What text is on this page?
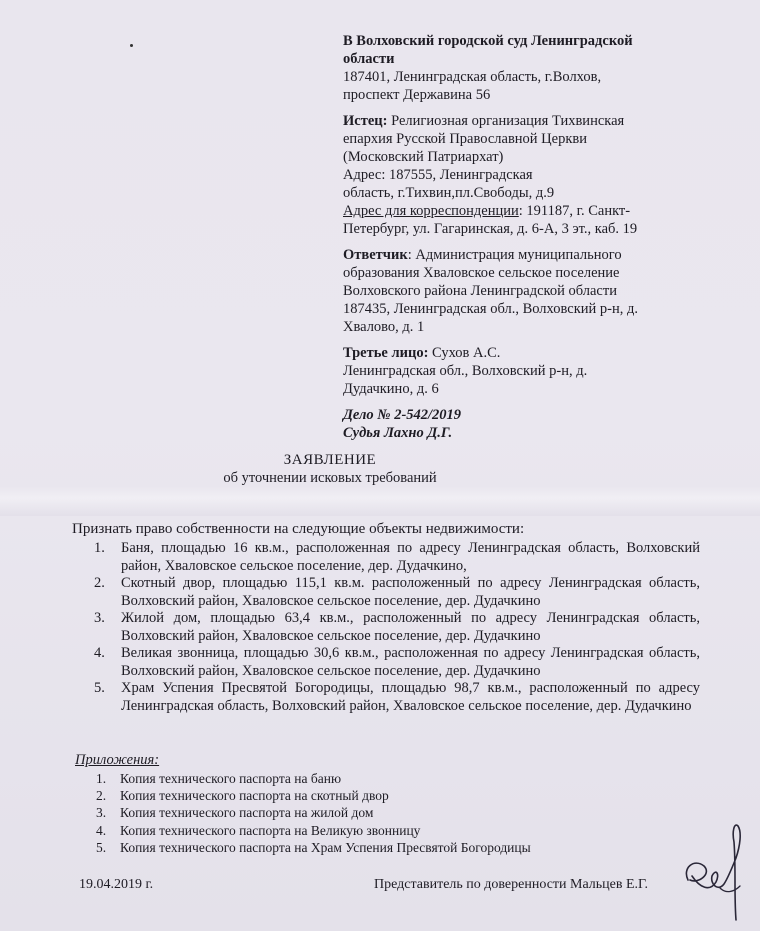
В Волховский городской суд Ленинградской
области
187401, Ленинградская область, г.Волхов,
проспект Державина 56
Истец: Религиозная организация Тихвинская
епархия Русской Православной Церкви
(Московский Патриархат)
Адрес: 187555, Ленинградская
область, г.Тихвин,пл.Свободы, д.9
Адрес для корреспонденции: 191187, г. Санкт-
Петербург, ул. Гагаринская, д. 6-А, 3 эт., каб. 19
Ответчик: Администрация муниципального
образования Хваловское сельское поселение
Волховского района Ленинградской области
187435, Ленинградская обл., Волховский р-н, д.
Хвалово, д. 1
Третье лицо: Сухов А.С.
Ленинградская обл., Волховский р-н, д.
Дудачкино, д. 6
Дело № 2-542/2019
Судья Лахно Д.Г.
ЗАЯВЛЕНИЕ
об уточнении исковых требований
Признать право собственности на следующие объекты недвижимости:
1.	Баня, площадью 16 кв.м., расположенная по адресу Ленинградская область, Волховский район, Хваловское сельское поселение, дер. Дудачкино,
2.	Скотный двор, площадью 115,1 кв.м. расположенный по адресу Ленинградская область, Волховский район, Хваловское сельское поселение, дер. Дудачкино
3.	Жилой дом, площадью 63,4 кв.м., расположенный по адресу Ленинградская область, Волховский район, Хваловское сельское поселение, дер. Дудачкино
4.	Великая звонница, площадью 30,6 кв.м., расположенная по адресу Ленинградская область, Волховский район, Хваловское сельское поселение, дер. Дудачкино
5.	Храм Успения Пресвятой Богородицы, площадью 98,7 кв.м., расположенный по адресу Ленинградская область, Волховский район, Хваловское сельское поселение, дер. Дудачкино
Приложения:
1.	Копия технического паспорта на баню
2.	Копия технического паспорта на скотный двор
3.	Копия технического паспорта на жилой дом
4.	Копия технического паспорта на Великую звонницу
5.	Копия технического паспорта на Храм Успения Пресвятой Богородицы
19.04.2019 г.	Представитель по доверенности Мальцев Е.Г.
